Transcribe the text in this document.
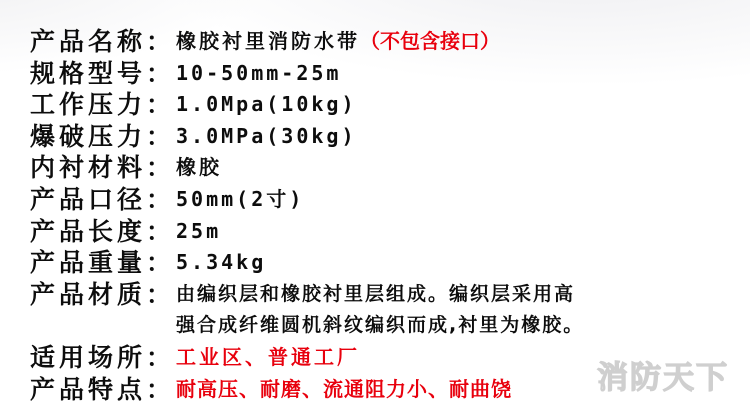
产品名称： 橡胶衬里消防水带（不包含接口）
规格型号： 10-50mm-25m
工作压力： 1.0Mpa(10kg)
爆破压力： 3.0MPa(30kg)
内衬材料： 橡胶
产品口径： 50mm(2寸)
产品长度： 25m
产品重量： 5.34kg
产品材质： 由编织层和橡胶衬里层组成。编织层采用高
强合成纤维圆机斜纹编织而成,衬里为橡胶。
适用场所： 工业区、普通工厂
产品特点： 耐高压、耐磨、流通阻力小、耐曲饶	消防天下
